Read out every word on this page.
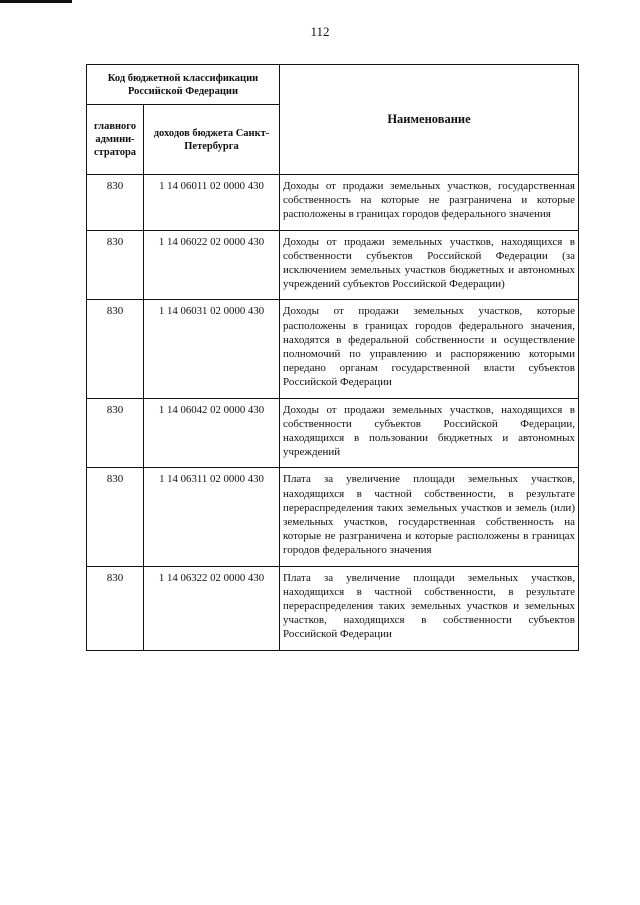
112
Код бюджетной классификации Российской Федерации		Наименование
главного админи-стратора	доходов бюджета Санкт-Петербурга	
830	1 14 06011 02 0000 430	Доходы от продажи земельных участков, государственная собственность на которые не разграничена и которые расположены в границах городов федерального значения
830	1 14 06022 02 0000 430	Доходы от продажи земельных участков, находящихся в собственности субъектов Российской Федерации (за исключением земельных участков бюджетных и автономных учреждений субъектов Российской Федерации)
830	1 14 06031 02 0000 430	Доходы от продажи земельных участков, которые расположены в границах городов федерального значения, находятся в федеральной собственности и осуществление полномочий по управлению и распоряжению которыми передано органам государственной власти субъектов Российской Федерации
830	1 14 06042 02 0000 430	Доходы от продажи земельных участков, находящихся в собственности субъектов Российской Федерации, находящихся в пользовании бюджетных и автономных учреждений
830	1 14 06311 02 0000 430	Плата за увеличение площади земельных участков, находящихся в частной собственности, в результате перераспределения таких земельных участков и земель (или) земельных участков, государственная собственность на которые не разграничена и которые расположены в границах городов федерального значения
830	1 14 06322 02 0000 430	Плата за увеличение площади земельных участков, находящихся в частной собственности, в результате перераспределения таких земельных участков и земельных участков, находящихся в собственности субъектов Российской Федерации
